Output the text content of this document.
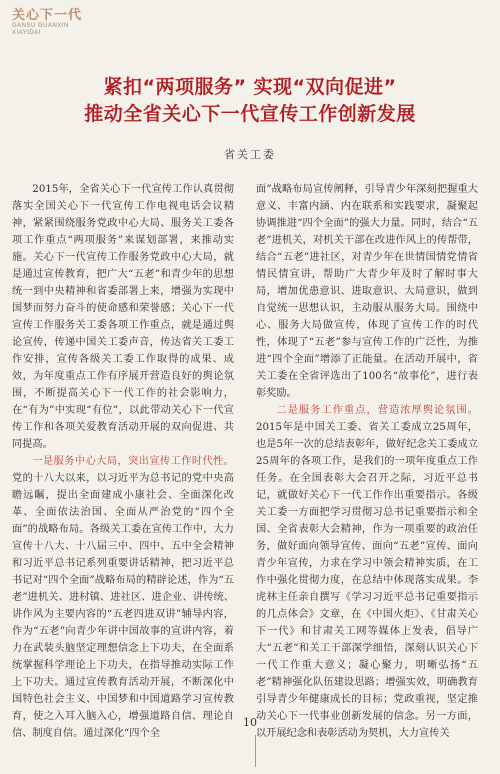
关心下一代
GANSU GUANXIN
XIAYIDAI
紧扣“两项服务” 实现“双向促进”
推动全省关心下一代宣传工作创新发展
省关工委

2015年，全省关心下一代宣传工作认真贯彻落实全国关心下一代宣传工作电视电话会议精神，紧紧围绕服务党政中心大局、服务关工委各项工作重点“两项服务”来谋划部署，来推动实施。关心下一代宣传工作服务党政中心大局，就是通过宣传教育，把广大“五老”和青少年的思想统一到中央精神和省委部署上来，增强为实现中国梦而努力奋斗的使命感和荣誉感；关心下一代宣传工作服务关工委各项工作重点，就是通过舆论宣传，传递中国关工委声音，传达省关工委工作安排，宣传各级关工委工作取得的成果、成效，为年度重点工作有序展开营造良好的舆论氛围，不断提高关心下一代工作的社会影响力，在“有为”中实现“有位”，以此带动关心下一代宣传工作和各项关爱教育活动开展的双向促进、共同提高。

一是服务中心大局，突出宣传工作时代性。党的十八大以来，以习近平为总书记的党中央高瞻远瞩，提出全面建成小康社会、全面深化改革、全面依法治国、全面从严治党的“四个全面”的战略布局。各级关工委在宣传工作中，大力宣传十八大、十八届三中、四中、五中全会精神和习近平总书记系列重要讲话精神，把习近平总书记对“四个全面”战略布局的精辟论述，作为“五老”进机关、进村镇、进社区、进企业、讲传统、讲作风为主要内容的“五老四进双讲”辅导内容，作为“五老”向青少年讲中国故事的宣讲内容，着力在武装头脑坚定理想信念上下功夫，在全面系统掌握科学理论上下功夫，在指导推动实际工作上下功夫。通过宣传教育活动开展，不断深化中国特色社会主义、中国梦和中国道路学习宣传教育，使之入耳入脑入心，增强道路自信、理论自信、制度自信。通过深化“四个全

面”战略布局宣传阐释，引导青少年深刻把握重大意义、丰富内涵、内在联系和实践要求，凝聚起协调推进“四个全面”的强大力量。同时，结合“五老”进机关，对机关干部在改进作风上的传帮带，结合“五老”进社区，对青少年在世情国情党情省情民情宣讲，帮助广大青少年及时了解时事大局，增加优患意识、进取意识、大局意识，做到自觉统一思想认识，主动服从服务大局。围绕中心、服务大局做宣传，体现了宣传工作的时代性，体现了“五老”参与宣传工作的广泛性，为推进“四个全面”增添了正能量。在活动开展中，省关工委在全省评选出了100名“故事伦”，进行表彰奖励。

二是服务工作重点，营造浓厚舆论氛围。2015年是中国关工委、省关工委成立25周年，也是5年一次的总结表彰年，做好纪念关工委成立25周年的各项工作，是我们的一项年度重点工作任务。在全国表彰大会召开之际，习近平总书记，就做好关心下一代工作作出重要指示。各级关工委一方面把学习贯彻习总书记重要指示和全国、全省表彰大会精神，作为一项重要的政治任务，做好面向领导宣传、面向“五老”宣传、面向青少年宣传，力求在学习中领会精神实质，在工作中强化贯彻力度，在总结中体现落实成果。李虎林主任亲自撰写《学习习近平总书记重要指示的几点体会》文章，在《中国火炬》、《甘肃关心下一代》和甘肃关工网等媒体上发表，倡导广大“五老”和关工干部深学细悟，深刻认识关心下一代工作重大意义；凝心聚力，明晰弘扬“五老”精神强化队伍建设思路；增强实效，明确教育引导青少年健康成长的目标；党政重视，坚定推动关心下一代事业创新发展的信念。另一方面，以开展纪念和表彰活动为契机，大力宣传关

10
